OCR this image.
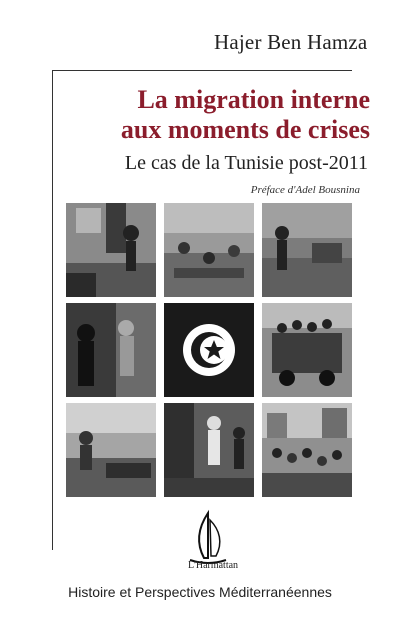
Hajer Ben Hamza
La migration interne
aux moments de crises
Le cas de la Tunisie post-2011
Préface d'Adel Bousnina
L'Harmattan
Histoire et Perspectives Méditerranéennes
